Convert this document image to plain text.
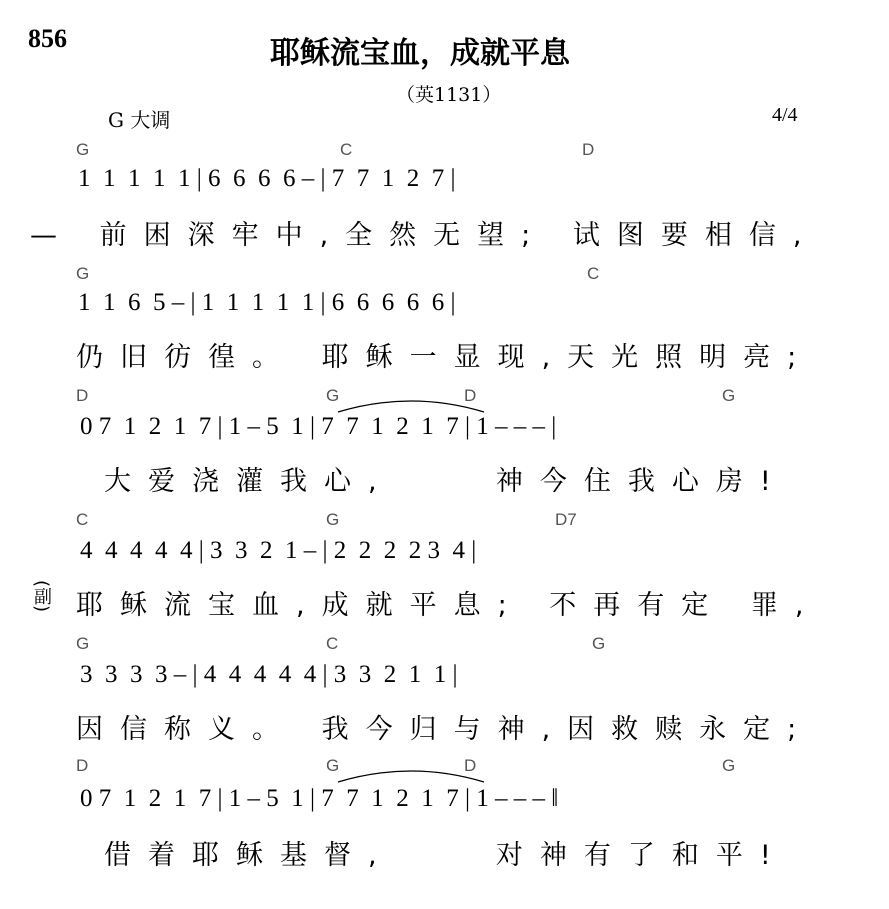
856	耶稣流宝血，成就平息
（英1131）
G 大调	4/4
G	C	D
1  1  1  1  1 | 6  6  6  6 – | 7  7  1  2  7 |
— 前困深牢中,全然无望; 试图要相信,
G	C
1  1  6  5 – | 1  1  1  1  1 | 6  6  6  6  6 |
仍旧彷徨。 耶稣一显现,天光照明亮;
D	G	D	G
0 7  1  2  1  7 | 1 – 5  1 | 7  7  1  2  1  7 | 1 – – – |
大爱浇灌我心,    神今住我心房!
C	G	D7
4  4  4  4  4 | 3  3  2  1 – | 2  2  2  2 3  4 |
(副) 耶稣流宝血,成就平息; 不再有定 罪,
G	C	G
3  3  3  3 – | 4  4  4  4  4 | 3  3  2  1  1 |
因信称义。 我今归与神,因救赎永定;
D	G	D	G
0 7  1  2  1  7 | 1 – 5  1 | 7  7  1  2  1  7 | 1 – – – ‖
借着耶稣基督,    对神有了和平!
